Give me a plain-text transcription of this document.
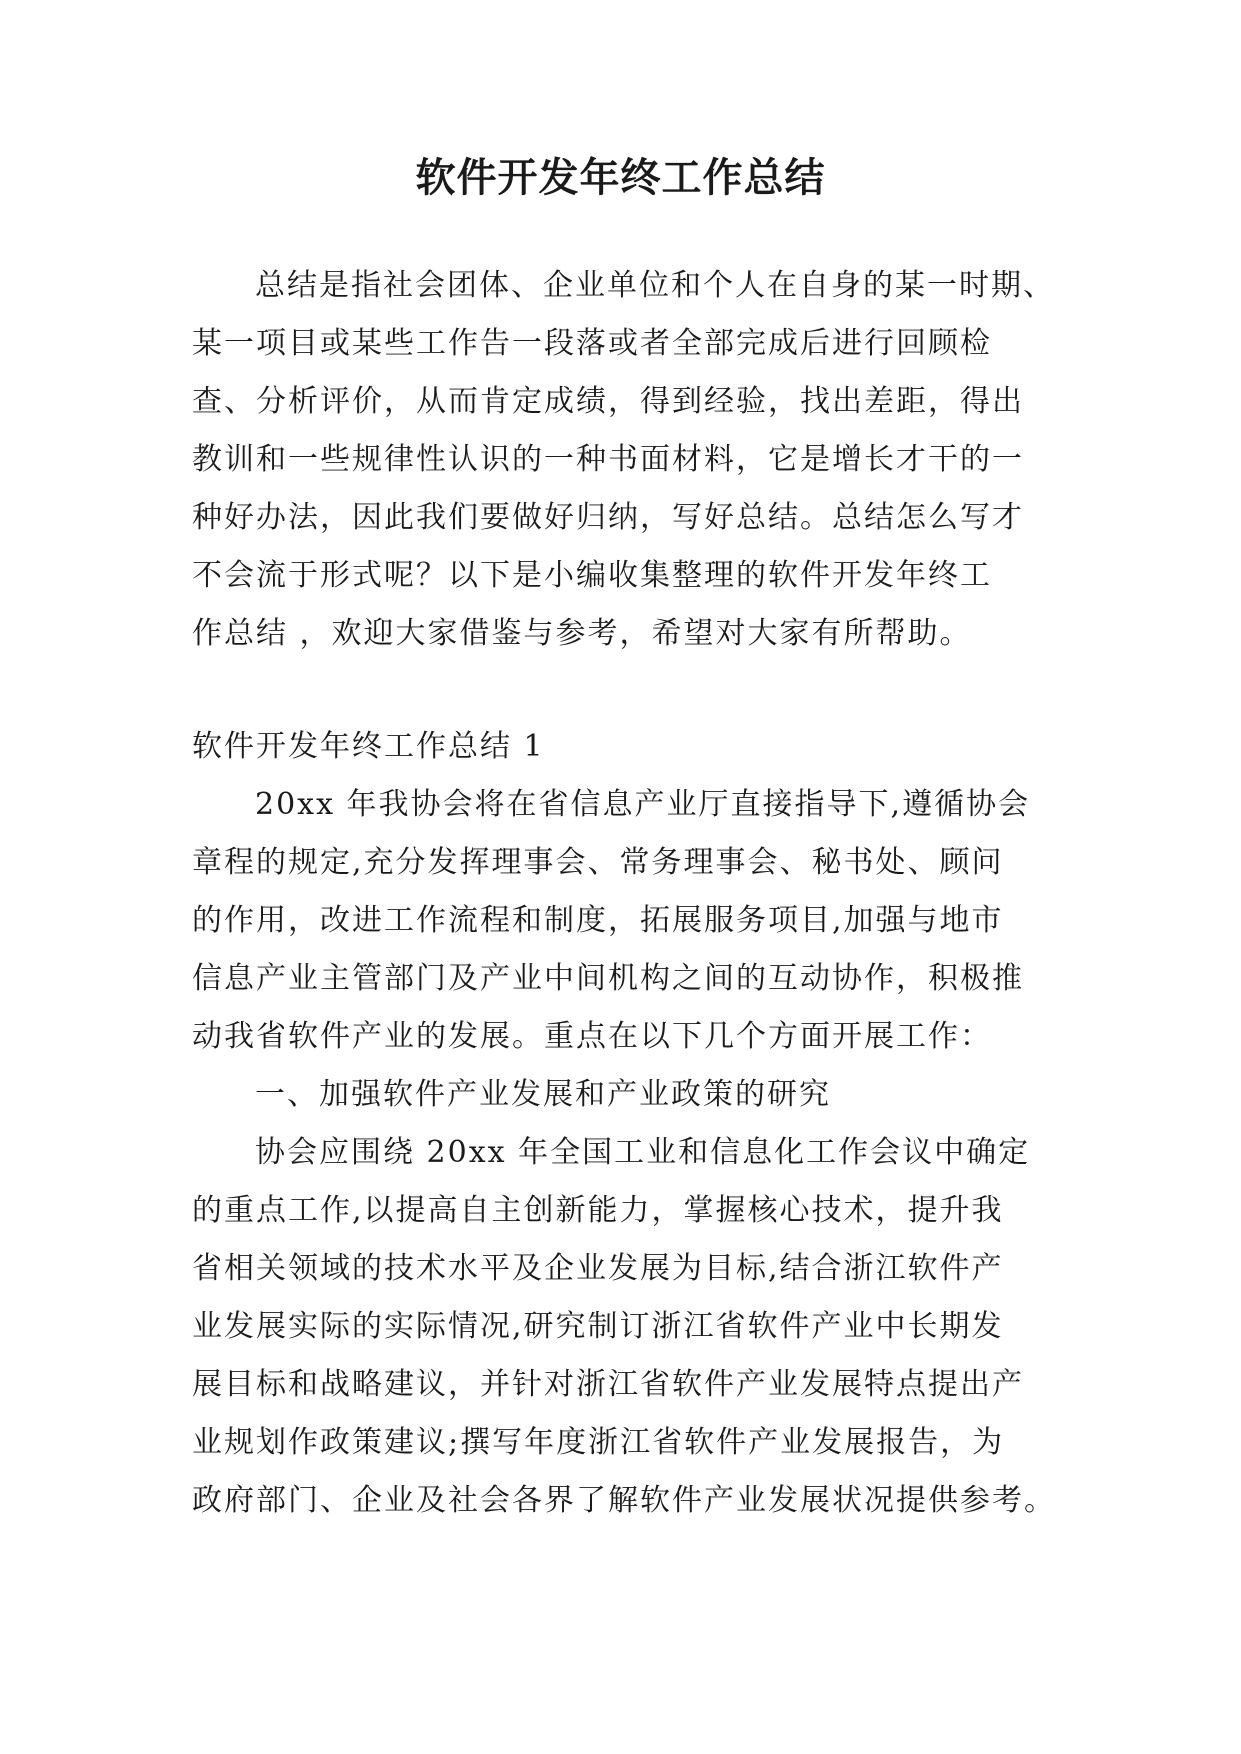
软件开发年终工作总结

总结是指社会团体、企业单位和个人在自身的某一时期、

某一项目或某些工作告一段落或者全部完成后进行回顾检

查、分析评价，从而肯定成绩，得到经验，找出差距，得出

教训和一些规律性认识的一种书面材料，它是增长才干的一

种好办法，因此我们要做好归纳，写好总结。总结怎么写才

不会流于形式呢？以下是小编收集整理的软件开发年终工

作总结 ，欢迎大家借鉴与参考，希望对大家有所帮助。

软件开发年终工作总结 1

20xx 年我协会将在省信息产业厅直接指导下,遵循协会

章程的规定,充分发挥理事会、常务理事会、秘书处、顾问

的作用，改进工作流程和制度，拓展服务项目,加强与地市

信息产业主管部门及产业中间机构之间的互动协作，积极推

动我省软件产业的发展。重点在以下几个方面开展工作：

一、加强软件产业发展和产业政策的研究

协会应围绕 20xx 年全国工业和信息化工作会议中确定

的重点工作,以提高自主创新能力，掌握核心技术，提升我

省相关领域的技术水平及企业发展为目标,结合浙江软件产

业发展实际的实际情况,研究制订浙江省软件产业中长期发

展目标和战略建议，并针对浙江省软件产业发展特点提出产

业规划作政策建议;撰写年度浙江省软件产业发展报告，为

政府部门、企业及社会各界了解软件产业发展状况提供参考。
